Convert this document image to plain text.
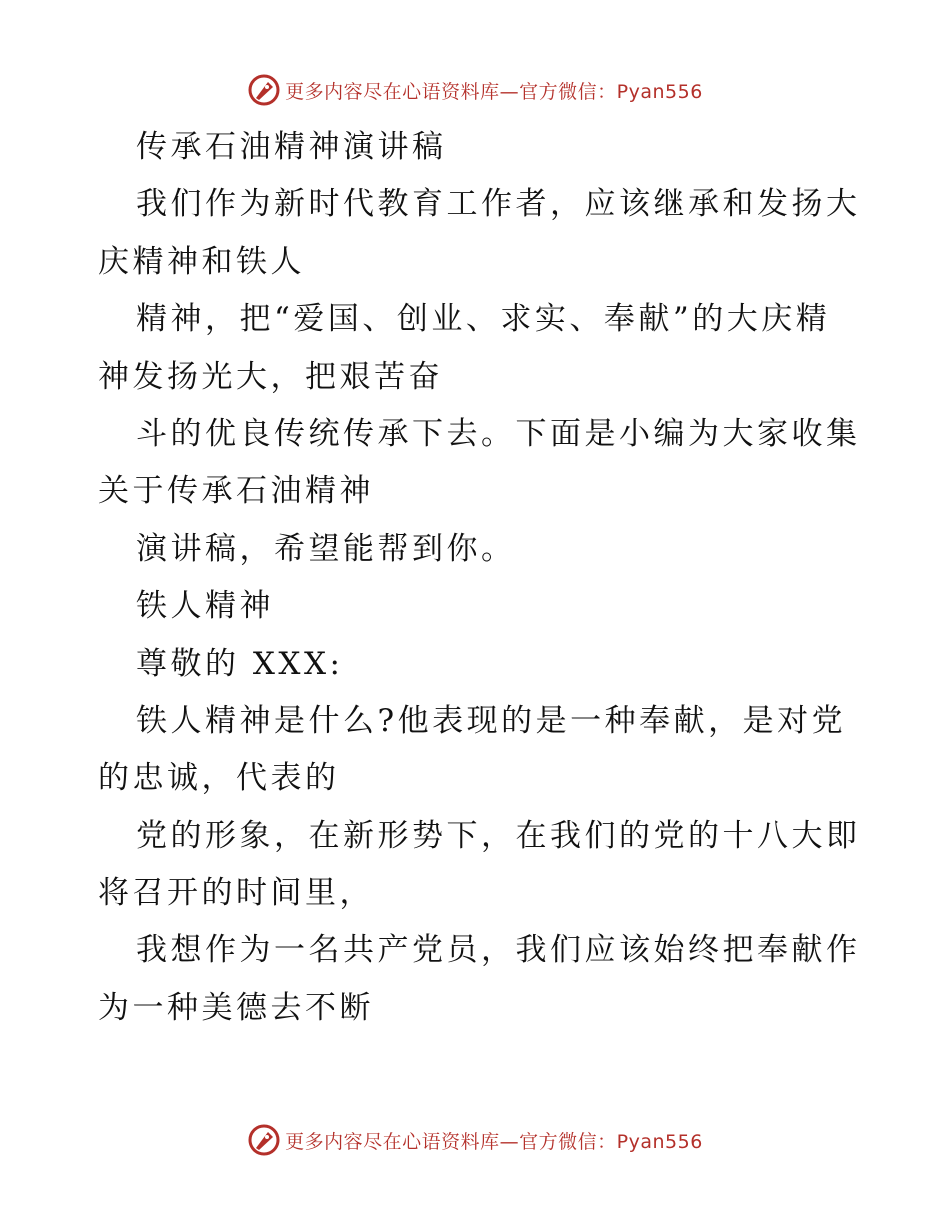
更多内容尽在心语资料库—官方微信：Pyan556
传承石油精神演讲稿
我们作为新时代教育工作者，应该继承和发扬大
庆精神和铁人
精神，把“爱国、创业、求实、奉献”的大庆精
神发扬光大，把艰苦奋
斗的优良传统传承下去。下面是小编为大家收集
关于传承石油精神
演讲稿，希望能帮到你。
铁人精神
尊敬的 XXX:
铁人精神是什么?他表现的是一种奉献，是对党
的忠诚，代表的
党的形象，在新形势下，在我们的党的十八大即
将召开的时间里，
我想作为一名共产党员，我们应该始终把奉献作
为一种美德去不断
更多内容尽在心语资料库—官方微信：Pyan556
